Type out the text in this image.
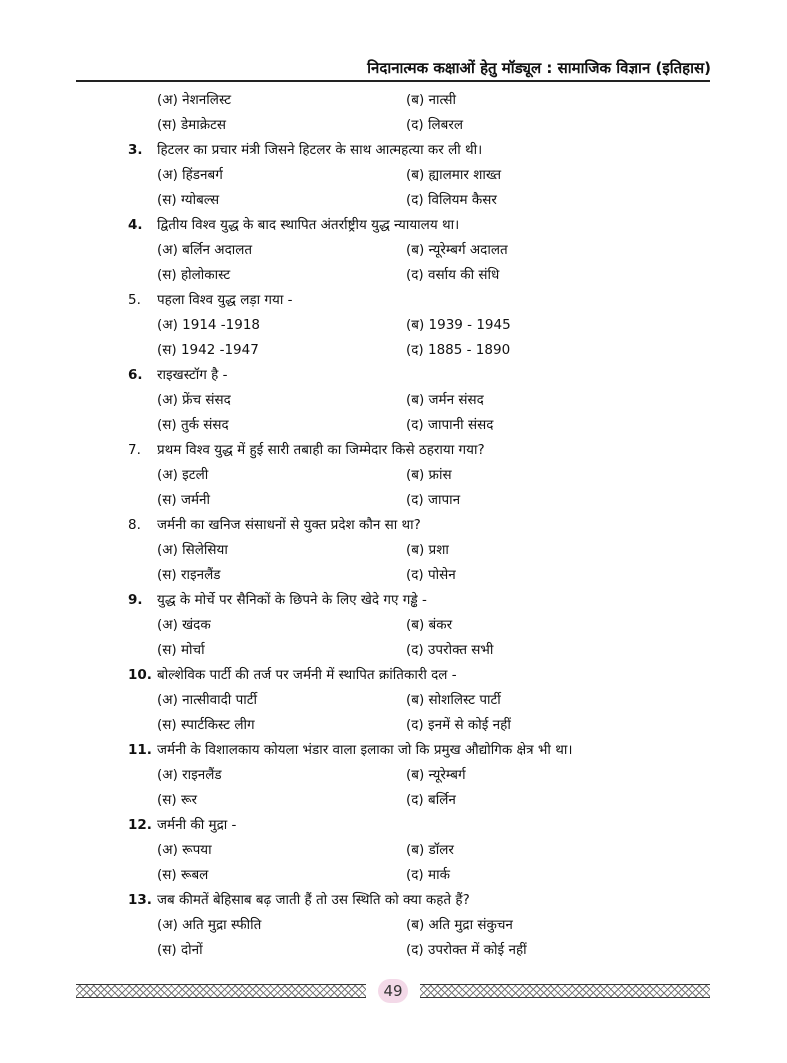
निदानात्मक कक्षाओं हेतु मॉड्यूल : सामाजिक विज्ञान (इतिहास)
(अ) नेशनलिस्ट	(ब) नात्सी
(स) डेमाक्रेटस	(द) लिबरल
3. हिटलर का प्रचार मंत्री जिसने हिटलर के साथ आत्महत्या कर ली थी।
(अ) हिंडनबर्ग	(ब) ह्यालमार शाख्त
(स) ग्योबल्स	(द) विलियम कैसर
4. द्वितीय विश्व युद्ध के बाद स्थापित अंतर्राष्ट्रीय युद्ध न्यायालय था।
(अ) बर्लिन अदालत	(ब) न्यूरेम्बर्ग अदालत
(स) होलोकास्ट	(द) वर्साय की संधि
5. पहला विश्व युद्ध लड़ा गया -
(अ) 1914 -1918	(ब) 1939 - 1945
(स) 1942 -1947	(द) 1885 - 1890
6. राइखस्टॉग है -
(अ) फ्रेंच संसद	(ब) जर्मन संसद
(स) तुर्क संसद	(द) जापानी संसद
7. प्रथम विश्व युद्ध में हुई सारी तबाही का जिम्मेदार किसे ठहराया गया?
(अ) इटली	(ब) फ्रांस
(स) जर्मनी	(द) जापान
8. जर्मनी का खनिज संसाधनों से युक्त प्रदेश कौन सा था?
(अ) सिलेसिया	(ब) प्रशा
(स) राइनलैंड	(द) पोसेन
9. युद्ध के मोर्चे पर सैनिकों के छिपने के लिए खेदे गए गड्ढे -
(अ) खंदक	(ब) बंकर
(स) मोर्चा	(द) उपरोक्त सभी
10. बोल्शेविक पार्टी की तर्ज पर जर्मनी में स्थापित क्रांतिकारी दल -
(अ) नात्सीवादी पार्टी	(ब) सोशलिस्ट पार्टी
(स) स्पार्टकिस्ट लीग	(द) इनमें से कोई नहीं
11. जर्मनी के विशालकाय कोयला भंडार वाला इलाका जो कि प्रमुख औद्योगिक क्षेत्र भी था।
(अ) राइनलैंड	(ब) न्यूरेम्बर्ग
(स) रूर	(द) बर्लिन
12. जर्मनी की मुद्रा -
(अ) रूपया	(ब) डॉलर
(स) रूबल	(द) मार्क
13. जब कीमतें बेहिसाब बढ़ जाती हैं तो उस स्थिति को क्या कहते हैं?
(अ) अति मुद्रा स्फीति	(ब) अति मुद्रा संकुचन
(स) दोनों	(द) उपरोक्त में कोई नहीं
49
